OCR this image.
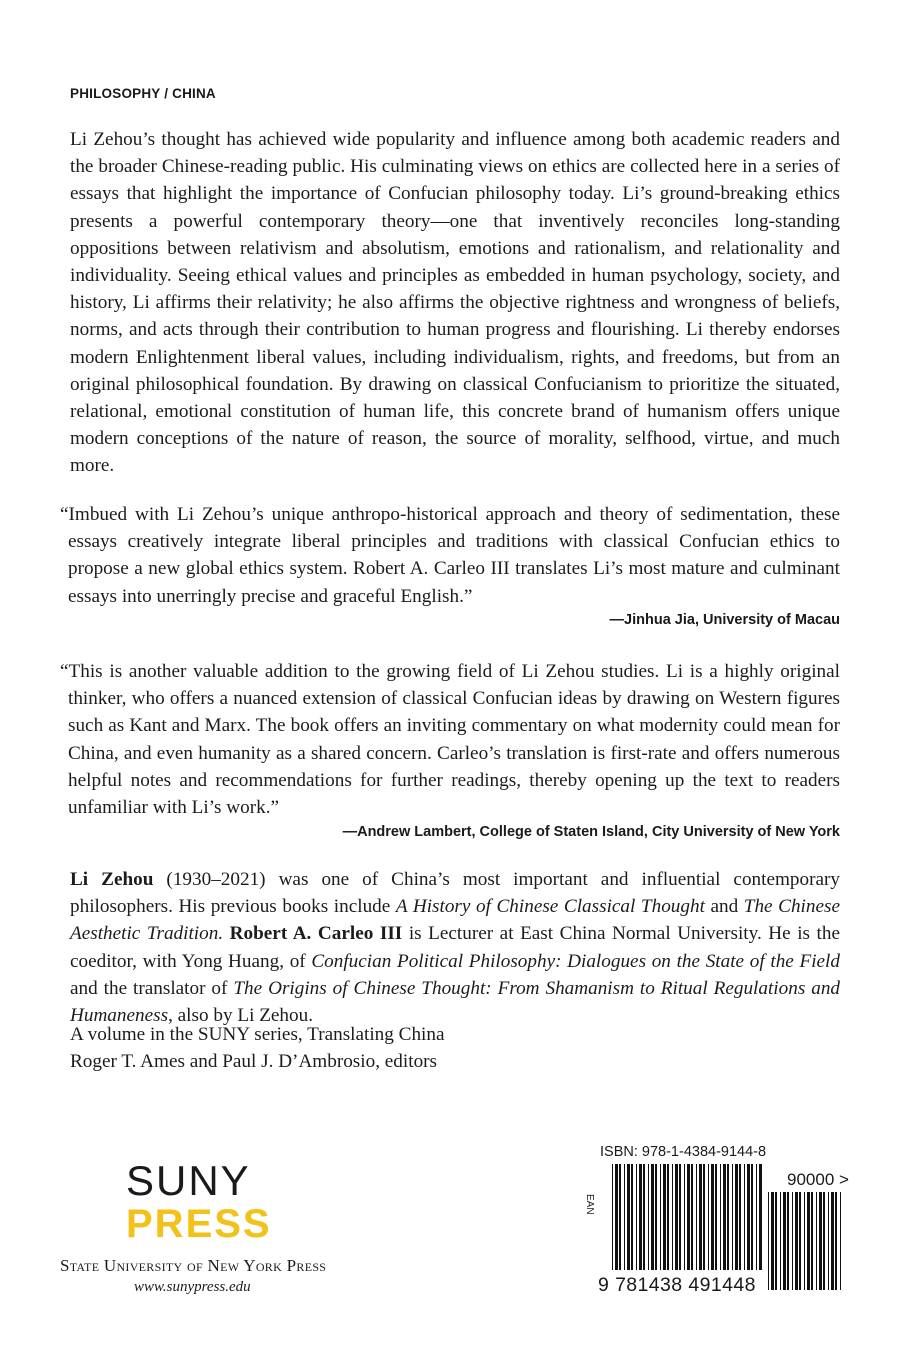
PHILOSOPHY / CHINA

Li Zehou’s thought has achieved wide popularity and influence among both academic readers and the broader Chinese-reading public. His culminating views on ethics are collected here in a series of essays that highlight the importance of Confucian philosophy today. Li’s ground-breaking ethics presents a powerful contemporary theory—one that inventively reconciles long-standing oppositions between relativism and absolutism, emotions and rationalism, and relationality and individuality. Seeing ethical values and principles as embedded in human psychology, society, and history, Li affirms their relativity; he also affirms the objective rightness and wrongness of beliefs, norms, and acts through their contribution to human progress and flourishing. Li thereby endorses modern Enlightenment liberal values, including individualism, rights, and freedoms, but from an original philosophical foundation. By drawing on classical Confucianism to prioritize the situated, relational, emotional constitution of human life, this concrete brand of humanism offers unique modern conceptions of the nature of reason, the source of morality, selfhood, virtue, and much more.

“Imbued with Li Zehou’s unique anthropo-historical approach and theory of sedimentation, these essays creatively integrate liberal principles and traditions with classical Confucian ethics to propose a new global ethics system. Robert A. Carleo III translates Li’s most mature and culminant essays into unerringly precise and graceful English.”
—Jinhua Jia, University of Macau
“This is another valuable addition to the growing field of Li Zehou studies. Li is a highly original thinker, who offers a nuanced extension of classical Confucian ideas by drawing on Western figures such as Kant and Marx. The book offers an inviting commentary on what modernity could mean for China, and even humanity as a shared concern. Carleo’s translation is first-rate and offers numerous helpful notes and recommendations for further readings, thereby opening up the text to readers unfamiliar with Li’s work.”
—Andrew Lambert, College of Staten Island, City University of New York

Li Zehou (1930–2021) was one of China’s most important and influential contemporary philosophers. His previous books include A History of Chinese Classical Thought and The Chinese Aesthetic Tradition. Robert A. Carleo III is Lecturer at East China Normal University. He is the coeditor, with Yong Huang, of Confucian Political Philosophy: Dialogues on the State of the Field and the translator of The Origins of Chinese Thought: From Shamanism to Ritual Regulations and Humaneness, also by Li Zehou.

A volume in the SUNY series, Translating China
Roger T. Ames and Paul J. D’Ambrosio, editors
SUNY
PRESS
State University of New York Press
www.sunypress.edu
ISBN: 978-1-4384-9144-8
EAN
90000 >
9 781438 491448
